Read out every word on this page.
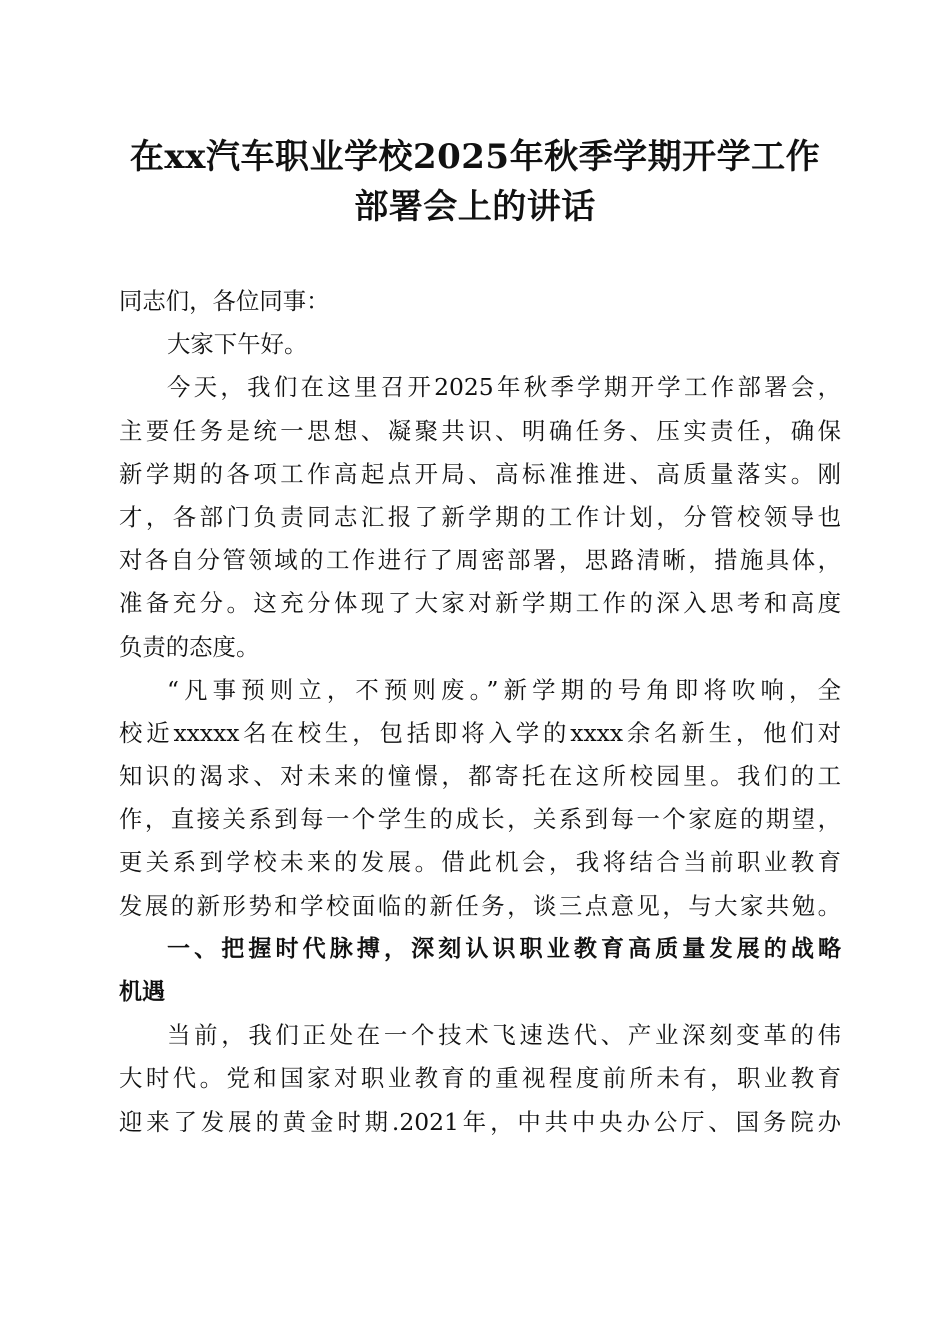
在xx汽车职业学校2025年秋季学期开学工作
部署会上的讲话
同志们，各位同事：
大家下午好。
今天，我们在这里召开2025年秋季学期开学工作部署会，
主要任务是统一思想、凝聚共识、明确任务、压实责任，确保
新学期的各项工作高起点开局、高标准推进、高质量落实。刚
才，各部门负责同志汇报了新学期的工作计划，分管校领导也
对各自分管领域的工作进行了周密部署，思路清晰，措施具体，
准备充分。这充分体现了大家对新学期工作的深入思考和高度
负责的态度。
“凡事预则立，不预则废。”新学期的号角即将吹响，全
校近xxxxx名在校生，包括即将入学的xxxx余名新生，他们对
知识的渴求、对未来的憧憬，都寄托在这所校园里。我们的工
作，直接关系到每一个学生的成长，关系到每一个家庭的期望，
更关系到学校未来的发展。借此机会，我将结合当前职业教育
发展的新形势和学校面临的新任务，谈三点意见，与大家共勉。
一、把握时代脉搏，深刻认识职业教育高质量发展的战略
机遇
当前，我们正处在一个技术飞速迭代、产业深刻变革的伟
大时代。党和国家对职业教育的重视程度前所未有，职业教育
迎来了发展的黄金时期.2021年，中共中央办公厅、国务院办
